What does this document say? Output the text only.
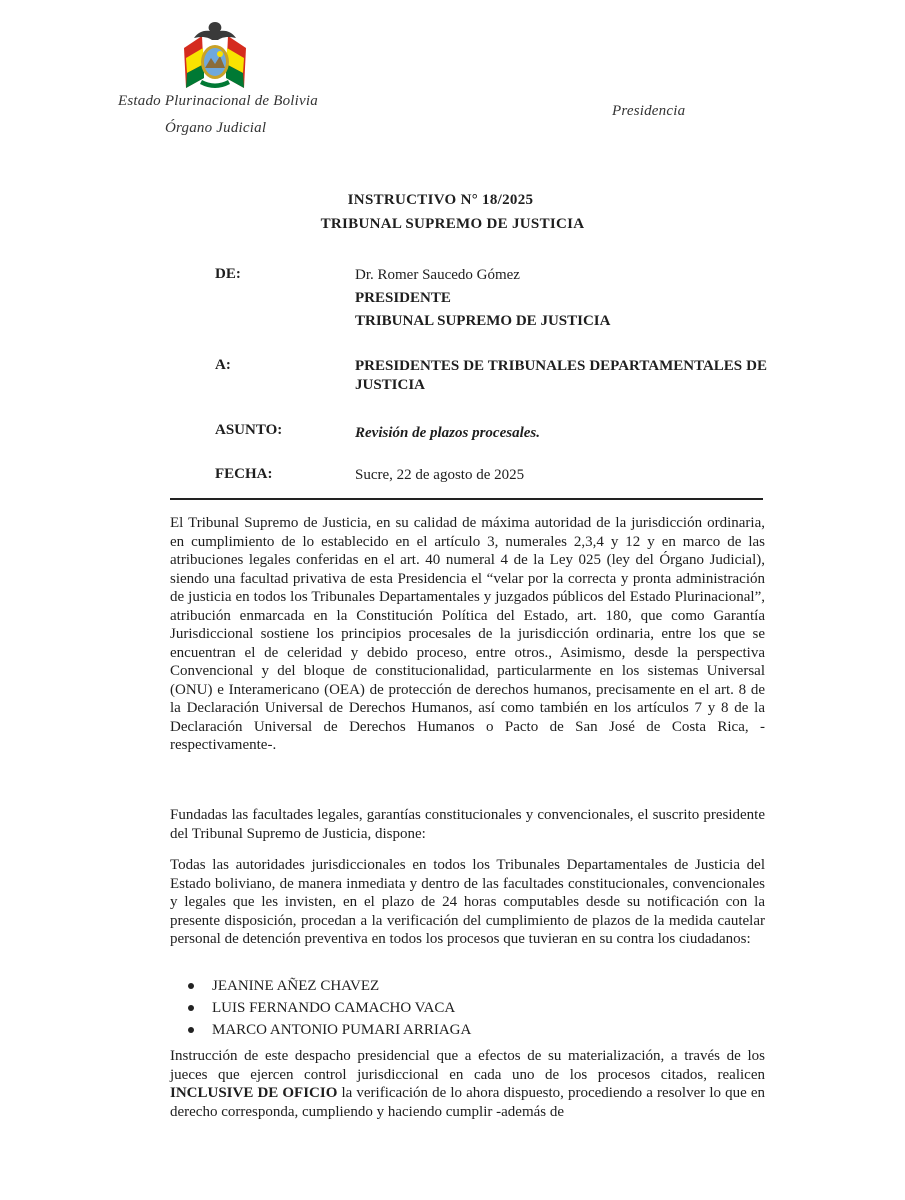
Estado Plurinacional de Bolivia
Órgano Judicial
Presidencia
INSTRUCTIVO N° 18/2025
TRIBUNAL SUPREMO DE JUSTICIA
DE:	Dr. Romer Saucedo Gómez
PRESIDENTE
TRIBUNAL SUPREMO DE JUSTICIA
A:	PRESIDENTES DE TRIBUNALES DEPARTAMENTALES DE JUSTICIA
ASUNTO:	Revisión de plazos procesales.
FECHA:	Sucre, 22 de agosto de 2025
El Tribunal Supremo de Justicia, en su calidad de máxima autoridad de la jurisdicción ordinaria, en cumplimiento de lo establecido en el artículo 3, numerales 2,3,4 y 12 y en marco de las atribuciones legales conferidas en el art. 40 numeral 4 de la Ley 025 (ley del Órgano Judicial), siendo una facultad privativa de esta Presidencia el “velar por la correcta y pronta administración de justicia en todos los Tribunales Departamentales y juzgados públicos del Estado Plurinacional”, atribución enmarcada en la Constitución Política del Estado, art. 180, que como Garantía Jurisdiccional sostiene los principios procesales de la jurisdicción ordinaria, entre los que se encuentran el de celeridad y debido proceso, entre otros., Asimismo, desde la perspectiva Convencional y del bloque de constitucionalidad, particularmente en los sistemas Universal (ONU) e Interamericano (OEA) de protección de derechos humanos, precisamente en el art. 8 de la Declaración Universal de Derechos Humanos, así como también en los artículos 7 y 8 de la Declaración Universal de Derechos Humanos o Pacto de San José de Costa Rica, -respectivamente-.
Fundadas las facultades legales, garantías constitucionales y convencionales, el suscrito presidente del Tribunal Supremo de Justicia, dispone:
Todas las autoridades jurisdiccionales en todos los Tribunales Departamentales de Justicia del Estado boliviano, de manera inmediata y dentro de las facultades constitucionales, convencionales y legales que les invisten, en el plazo de 24 horas computables desde su notificación con la presente disposición, procedan a la verificación del cumplimiento de plazos de la medida cautelar personal de detención preventiva en todos los procesos que tuvieran en su contra los ciudadanos:
JEANINE AÑEZ CHAVEZ
LUIS FERNANDO CAMACHO VACA
MARCO ANTONIO PUMARI ARRIAGA
Instrucción de este despacho presidencial que a efectos de su materialización, a través de los jueces que ejercen control jurisdiccional en cada uno de los procesos citados, realicen INCLUSIVE DE OFICIO la verificación de lo ahora dispuesto, procediendo a resolver lo que en derecho corresponda, cumpliendo y haciendo cumplir -además de
